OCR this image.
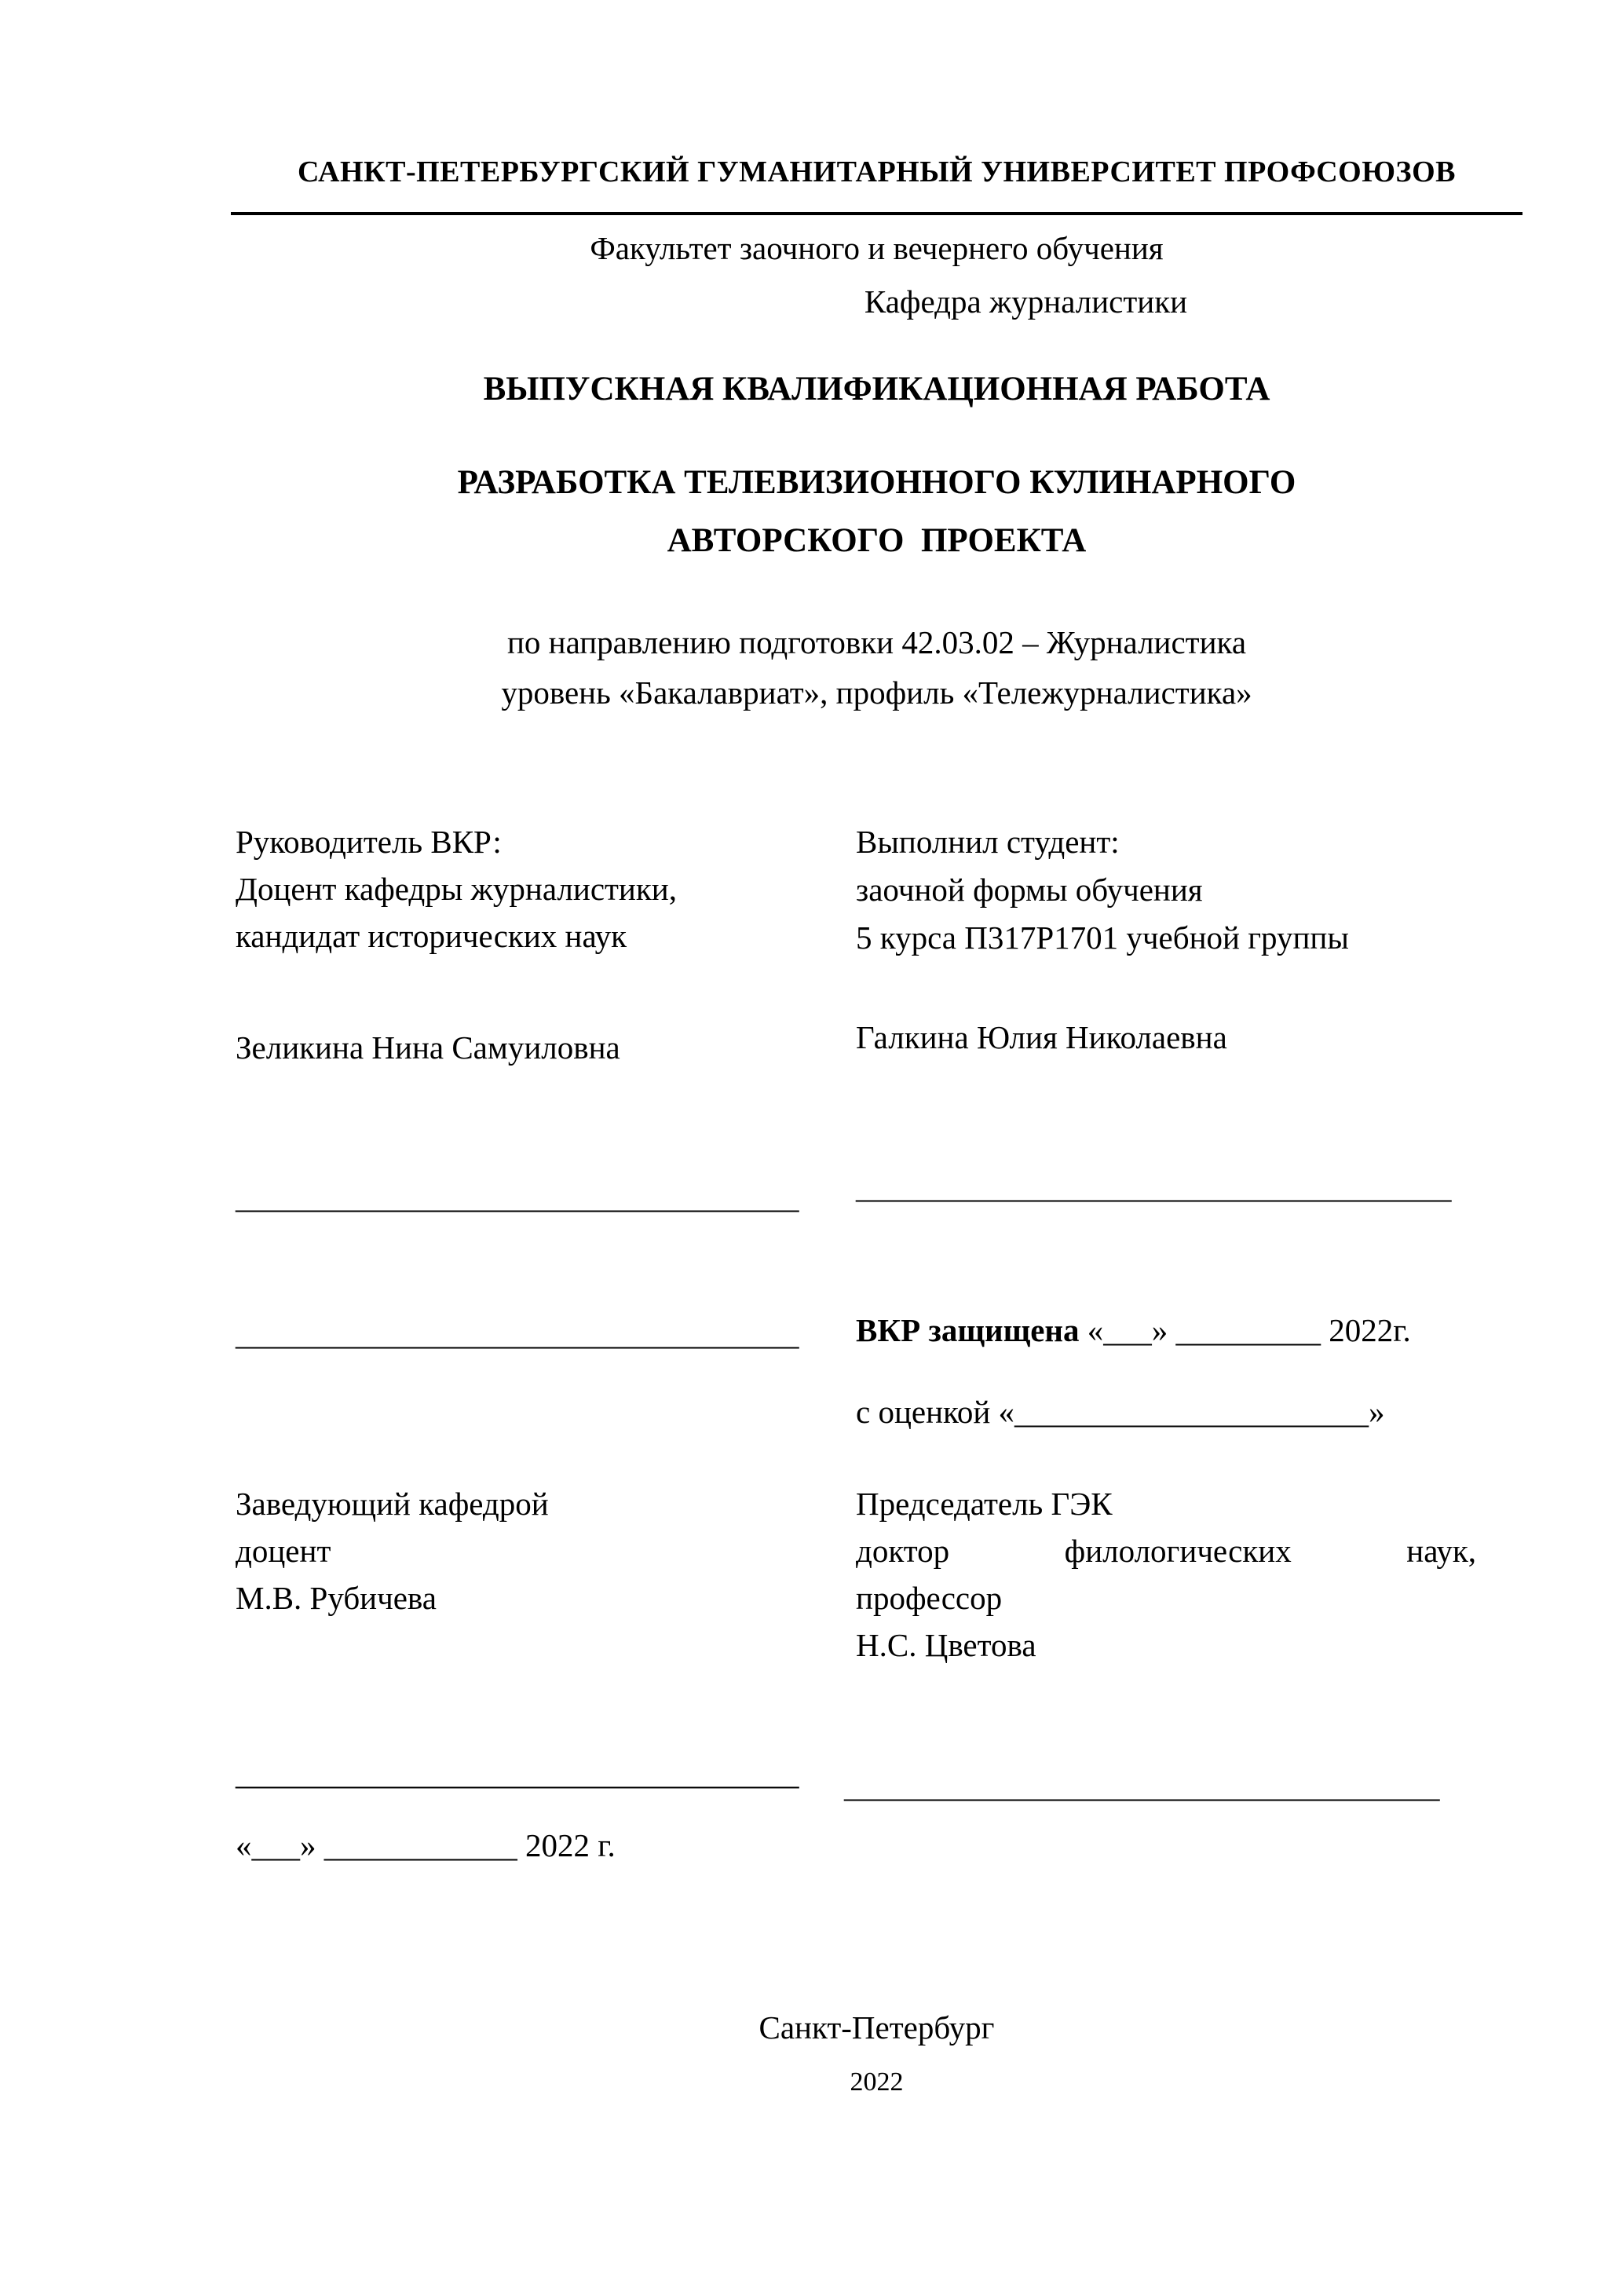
САНКТ-ПЕТЕРБУРГСКИЙ ГУМАНИТАРНЫЙ УНИВЕРСИТЕТ ПРОФСОЮЗОВ
Факультет заочного и вечернего обучения
Кафедра журналистики
ВЫПУСКНАЯ КВАЛИФИКАЦИОННАЯ РАБОТА
РАЗРАБОТКА ТЕЛЕВИЗИОННОГО КУЛИНАРНОГО
АВТОРСКОГО  ПРОЕКТА
по направлению подготовки 42.03.02 – Журналистика
уровень «Бакалавриат», профиль «Тележурналистика»
Руководитель ВКР:
Доцент кафедры журналистики,
кандидат исторических наук
Зеликина Нина Самуиловна
Выполнил студент:
заочной формы обучения
5 курса П317Р1701 учебной группы
Галкина Юлия Николаевна
___________________________________ _____________________________________
___________________________________ ВКР защищена «___» _________ 2022г.
с оценкой «______________________»
Заведующий кафедрой
доцент
М.В. Рубичева
Председатель ГЭК
доктор	филологических	наук,
профессор
Н.С. Цветова
___________________________________ _____________________________________
«___» ____________ 2022 г.
Санкт-Петербург
2022
